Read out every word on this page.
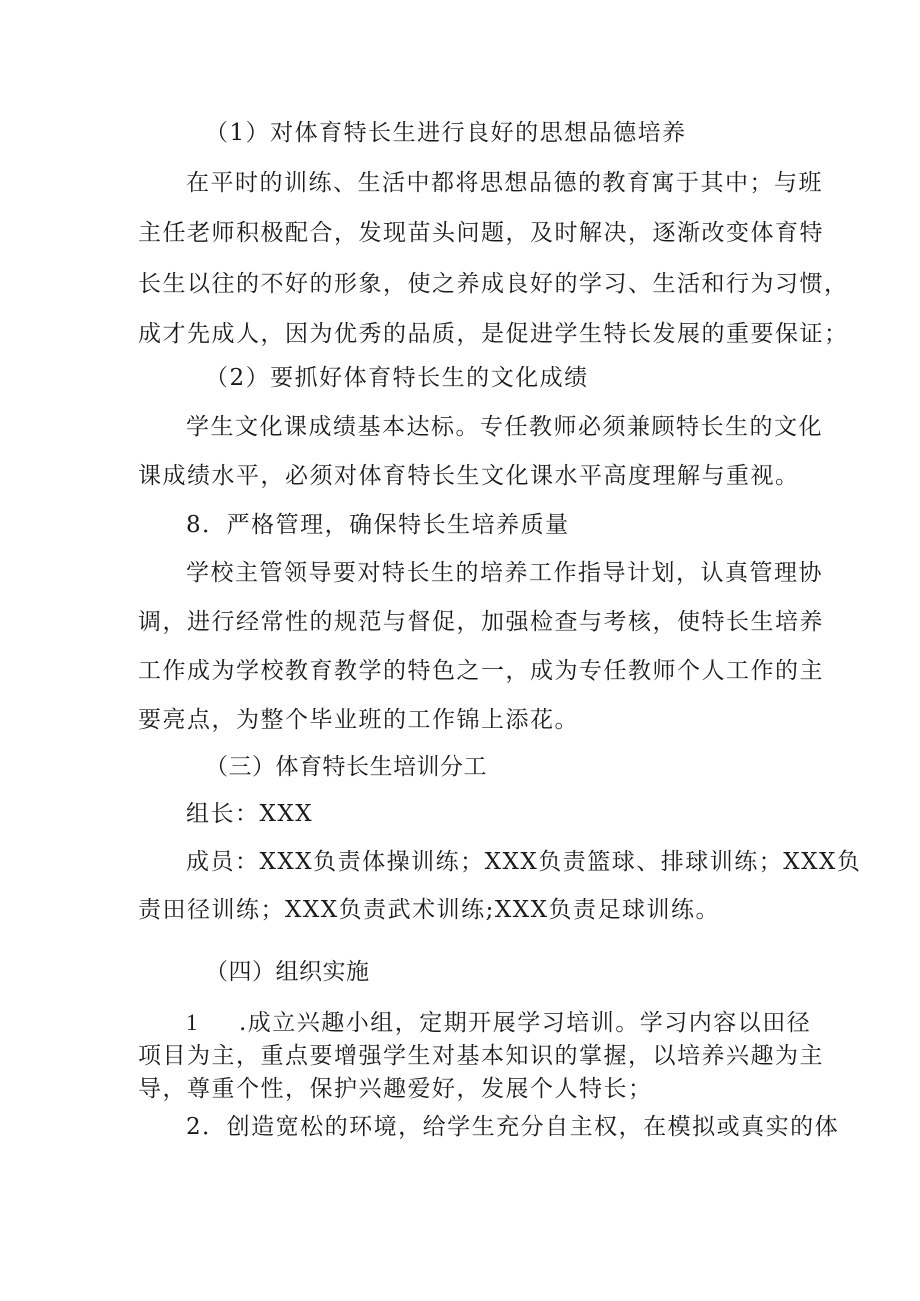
（1）对体育特长生进行良好的思想品德培养
在平时的训练、生活中都将思想品德的教育寓于其中；与班
主任老师积极配合，发现苗头问题，及时解决，逐渐改变体育特
长生以往的不好的形象，使之养成良好的学习、生活和行为习惯，
成才先成人，因为优秀的品质，是促进学生特长发展的重要保证；
（2）要抓好体育特长生的文化成绩
学生文化课成绩基本达标。专任教师必须兼顾特长生的文化
课成绩水平，必须对体育特长生文化课水平高度理解与重视。
8．严格管理，确保特长生培养质量
学校主管领导要对特长生的培养工作指导计划，认真管理协
调，进行经常性的规范与督促，加强检查与考核，使特长生培养
工作成为学校教育教学的特色之一，成为专任教师个人工作的主
要亮点，为整个毕业班的工作锦上添花。
（三）体育特长生培训分工
组长：XXX
成员：XXX负责体操训练；XXX负责篮球、排球训练；XXX负
责田径训练；XXX负责武术训练;XXX负责足球训练。
（四）组织实施
1 .成立兴趣小组，定期开展学习培训。学习内容以田径
项目为主，重点要增强学生对基本知识的掌握，以培养兴趣为主
导，尊重个性，保护兴趣爱好，发展个人特长；
2．创造宽松的环境，给学生充分自主权，在模拟或真实的体
